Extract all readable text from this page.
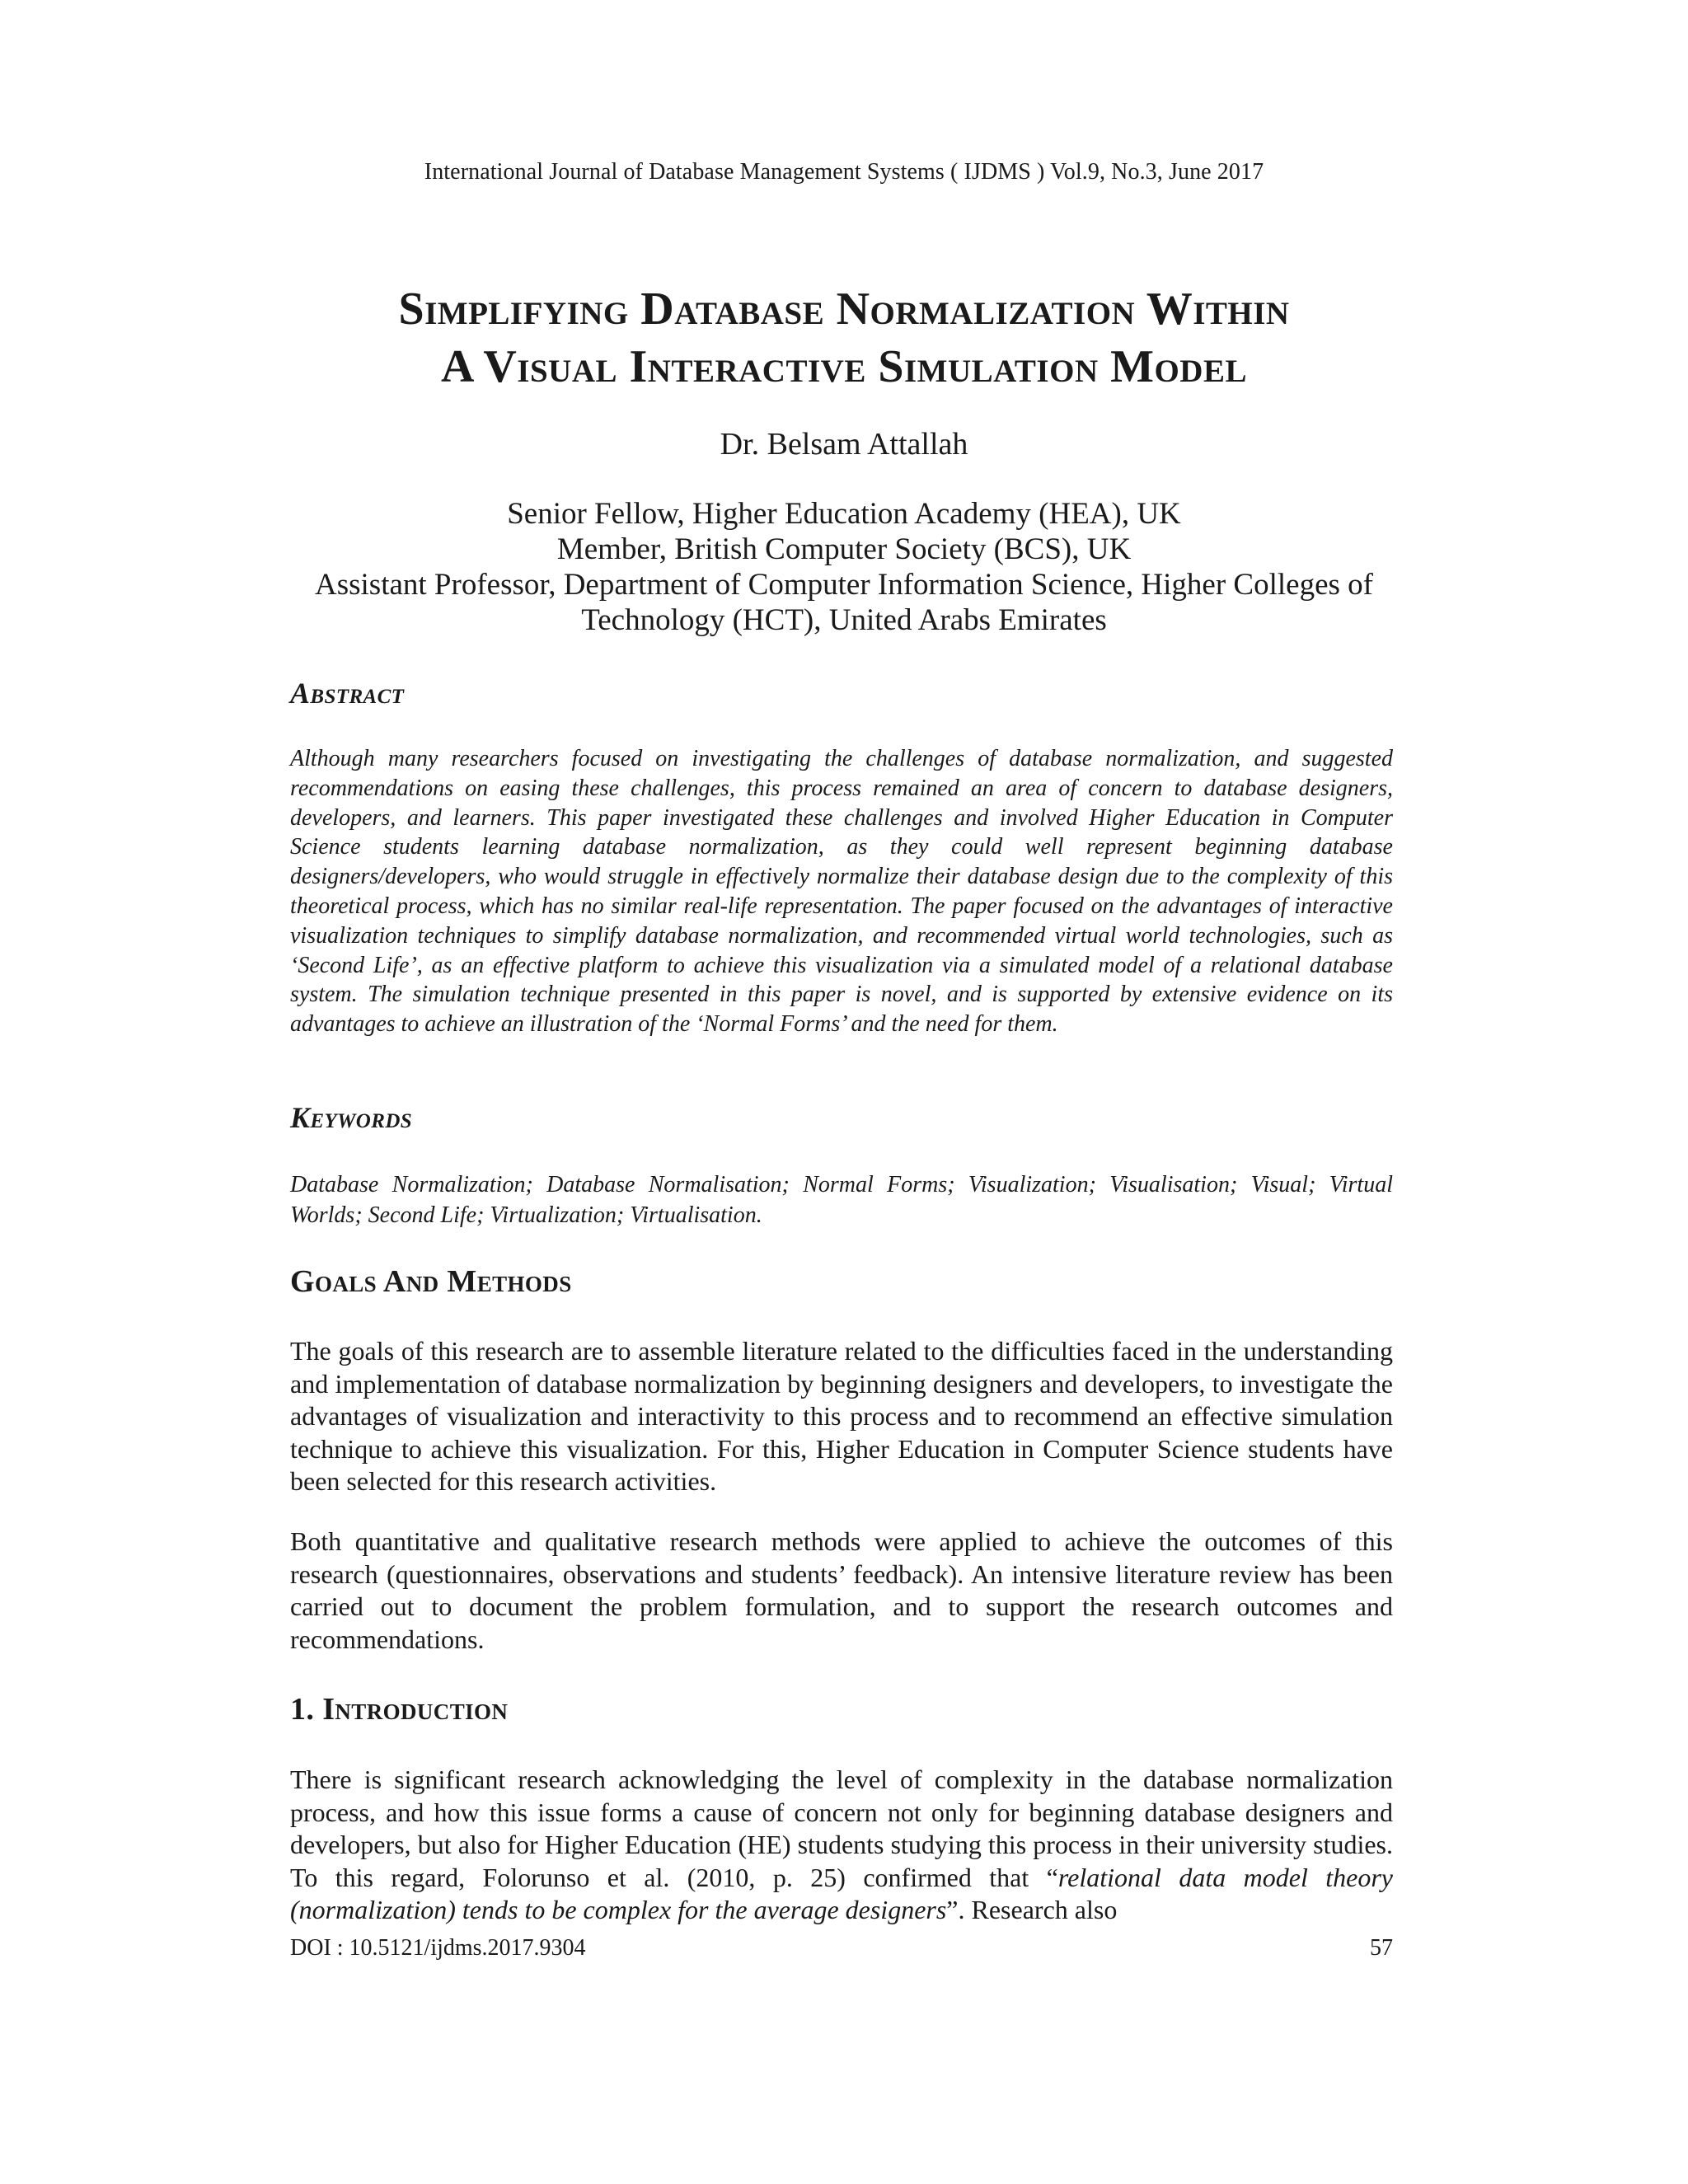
International Journal of Database Management Systems ( IJDMS ) Vol.9, No.3, June 2017
Simplifying Database Normalization Within
A Visual Interactive Simulation Model
Dr. Belsam Attallah
Senior Fellow, Higher Education Academy (HEA), UK
Member, British Computer Society (BCS), UK
Assistant Professor, Department of Computer Information Science, Higher Colleges of
Technology (HCT), United Arabs Emirates
Abstract
Although many researchers focused on investigating the challenges of database normalization, and suggested recommendations on easing these challenges, this process remained an area of concern to database designers, developers, and learners. This paper investigated these challenges and involved Higher Education in Computer Science students learning database normalization, as they could well represent beginning database designers/developers, who would struggle in effectively normalize their database design due to the complexity of this theoretical process, which has no similar real-life representation. The paper focused on the advantages of interactive visualization techniques to simplify database normalization, and recommended virtual world technologies, such as ‘Second Life’, as an effective platform to achieve this visualization via a simulated model of a relational database system. The simulation technique presented in this paper is novel, and is supported by extensive evidence on its advantages to achieve an illustration of the ‘Normal Forms’ and the need for them.
Keywords
Database Normalization; Database Normalisation; Normal Forms; Visualization; Visualisation; Visual; Virtual Worlds; Second Life; Virtualization; Virtualisation.
Goals And Methods
The goals of this research are to assemble literature related to the difficulties faced in the understanding and implementation of database normalization by beginning designers and developers, to investigate the advantages of visualization and interactivity to this process and to recommend an effective simulation technique to achieve this visualization. For this, Higher Education in Computer Science students have been selected for this research activities.
Both quantitative and qualitative research methods were applied to achieve the outcomes of this research (questionnaires, observations and students’ feedback). An intensive literature review has been carried out to document the problem formulation, and to support the research outcomes and recommendations.
1. Introduction
There is significant research acknowledging the level of complexity in the database normalization process, and how this issue forms a cause of concern not only for beginning database designers and developers, but also for Higher Education (HE) students studying this process in their university studies. To this regard, Folorunso et al. (2010, p. 25) confirmed that “relational data model theory (normalization) tends to be complex for the average designers”. Research also
DOI : 10.5121/ijdms.2017.9304	57
